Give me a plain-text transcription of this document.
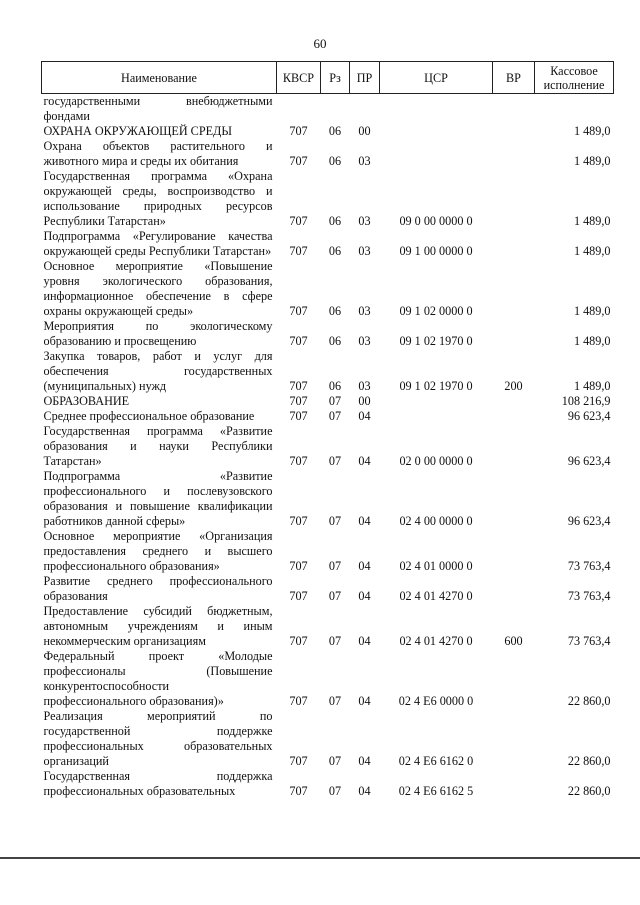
60
Наименование	КВСР	Рз	ПР	ЦСР	ВР	Кассовое исполнение
государственными внебюджетными фондами						
ОХРАНА ОКРУЖАЮЩЕЙ СРЕДЫ	707	06	00			1 489,0
Охрана объектов растительного и животного мира и среды их обитания	707	06	03			1 489,0
Государственная программа «Охрана окружающей среды, воспроизводство и использование природных ресурсов Республики Татарстан»	707	06	03	09 0 00 0000 0		1 489,0
Подпрограмма «Регулирование качества окружающей среды Республики Татарстан»	707	06	03	09 1 00 0000 0		1 489,0
Основное мероприятие «Повышение уровня экологического образования, информационное обеспечение в сфере охраны окружающей среды»	707	06	03	09 1 02 0000 0		1 489,0
Мероприятия по экологическому образованию и просвещению	707	06	03	09 1 02 1970 0		1 489,0
Закупка товаров, работ и услуг для обеспечения государственных (муниципальных) нужд	707	06	03	09 1 02 1970 0	200	1 489,0
ОБРАЗОВАНИЕ	707	07	00			108 216,9
Среднее профессиональное образование	707	07	04			96 623,4
Государственная программа «Развитие образования и науки Республики Татарстан»	707	07	04	02 0 00 0000 0		96 623,4
Подпрограмма «Развитие профессионального и послевузовского образования и повышение квалификации работников данной сферы»	707	07	04	02 4 00 0000 0		96 623,4
Основное мероприятие «Организация предоставления среднего и высшего профессионального образования»	707	07	04	02 4 01 0000 0		73 763,4
Развитие среднего профессионального образования	707	07	04	02 4 01 4270 0		73 763,4
Предоставление субсидий бюджетным, автономным учреждениям и иным некоммерческим организациям	707	07	04	02 4 01 4270 0	600	73 763,4
Федеральный проект «Молодые профессионалы (Повышение конкурентоспособности профессионального образования)»	707	07	04	02 4 Е6 0000 0		22 860,0
Реализация мероприятий по государственной поддержке профессиональных образовательных организаций	707	07	04	02 4 Е6 6162 0		22 860,0
Государственная поддержка профессиональных образовательных	707	07	04	02 4 Е6 6162 5		22 860,0
